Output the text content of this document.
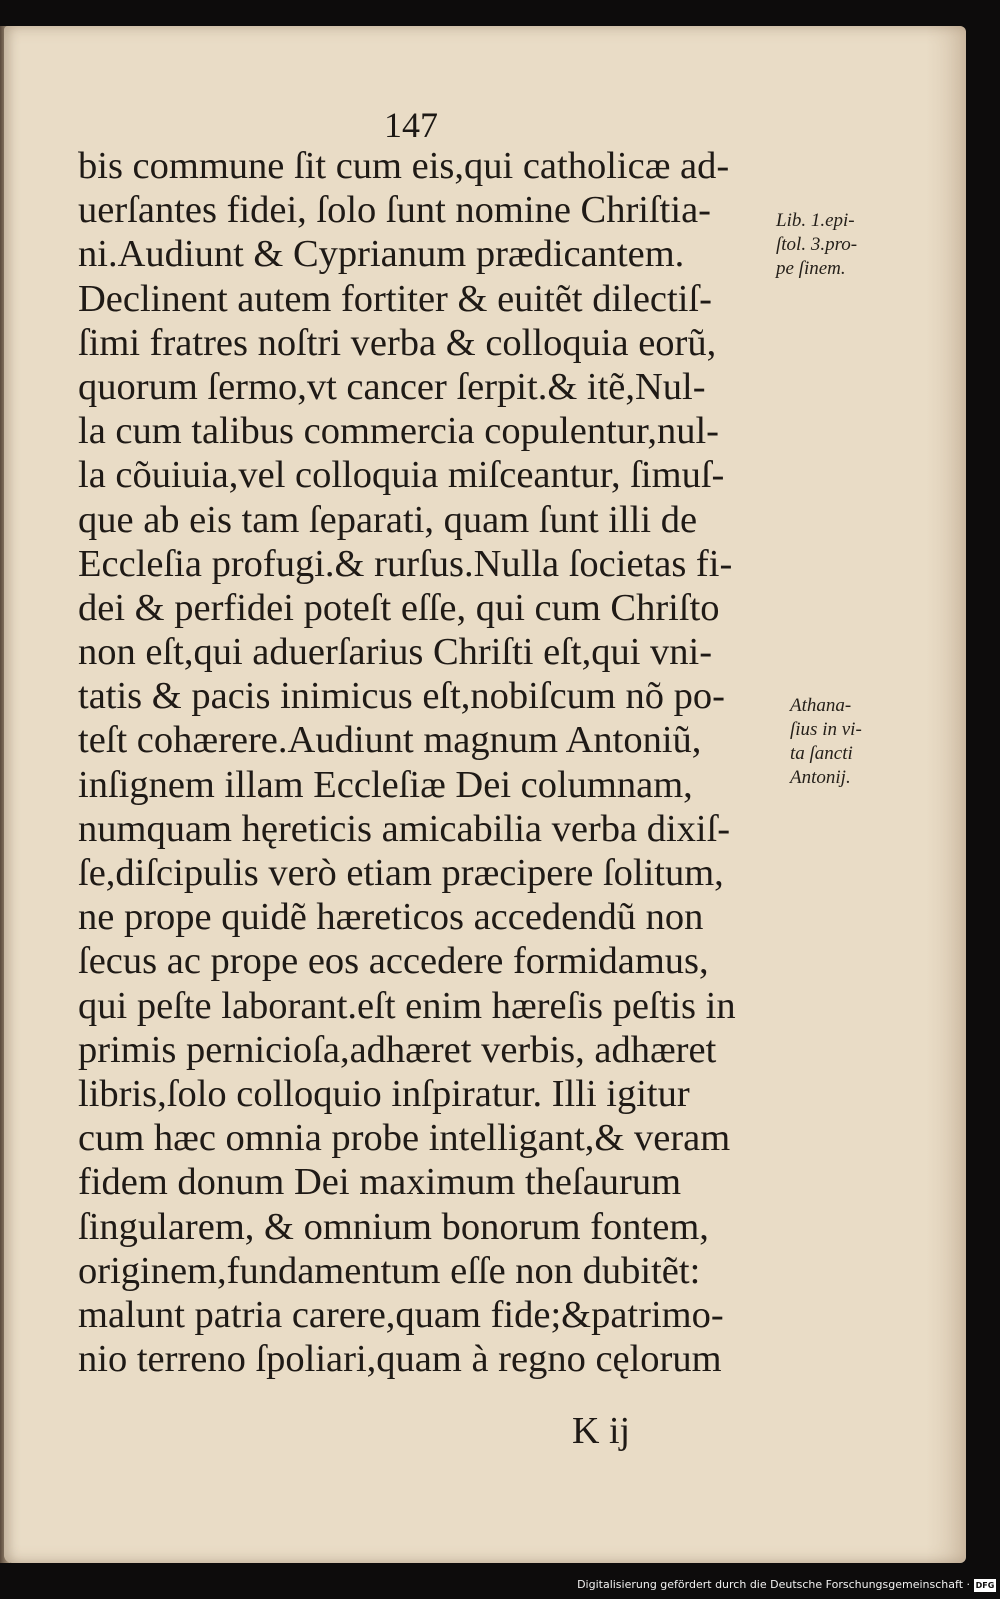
147
bis commune ſit cum eis,qui catholicæ ad-
uerſantes fidei, ſolo ſunt nomine Chriſtia-
ni.Audiunt & Cyprianum prædicantem.
Declinent autem fortiter & euitẽt dilectiſ-
ſimi fratres noſtri verba & colloquia eorũ,
quorum ſermo,vt cancer ſerpit.& itẽ,Nul-
la cum talibus commercia copulentur,nul-
la cõuiuia,vel colloquia miſceantur, ſimuſ-
que ab eis tam ſeparati, quam ſunt illi de
Eccleſia profugi.& rurſus.Nulla ſocietas fi-
dei & perfidei poteſt eſſe, qui cum Chriſto
non eſt,qui aduerſarius Chriſti eſt,qui vni-
tatis & pacis inimicus eſt,nobiſcum nõ po-
teſt cohærere.Audiunt magnum Antoniũ,
inſignem illam Eccleſiæ Dei columnam,
numquam hęreticis amicabilia verba dixiſ-
ſe,diſcipulis verò etiam præcipere ſolitum,
ne prope quidẽ hæreticos accedendũ non
ſecus ac prope eos accedere formidamus,
qui peſte laborant.eſt enim hæreſis peſtis in
primis pernicioſa,adhæret verbis, adhæret
libris,ſolo colloquio inſpiratur. Illi igitur
cum hæc omnia probe intelligant,& veram
fidem donum Dei maximum theſaurum
ſingularem, & omnium bonorum fontem,
originem,fundamentum eſſe non dubitẽt:
malunt patria carere,quam fide;&patrimo-
nio terreno ſpoliari,quam à regno cęlorum
Lib. 1.epi-
ſtol. 3.pro-
pe ſinem.
Athana-
ſius in vi-
ta ſancti
Antonij.
K ij
Digitalisierung gefördert durch die Deutsche Forschungsgemeinschaft · DFG
